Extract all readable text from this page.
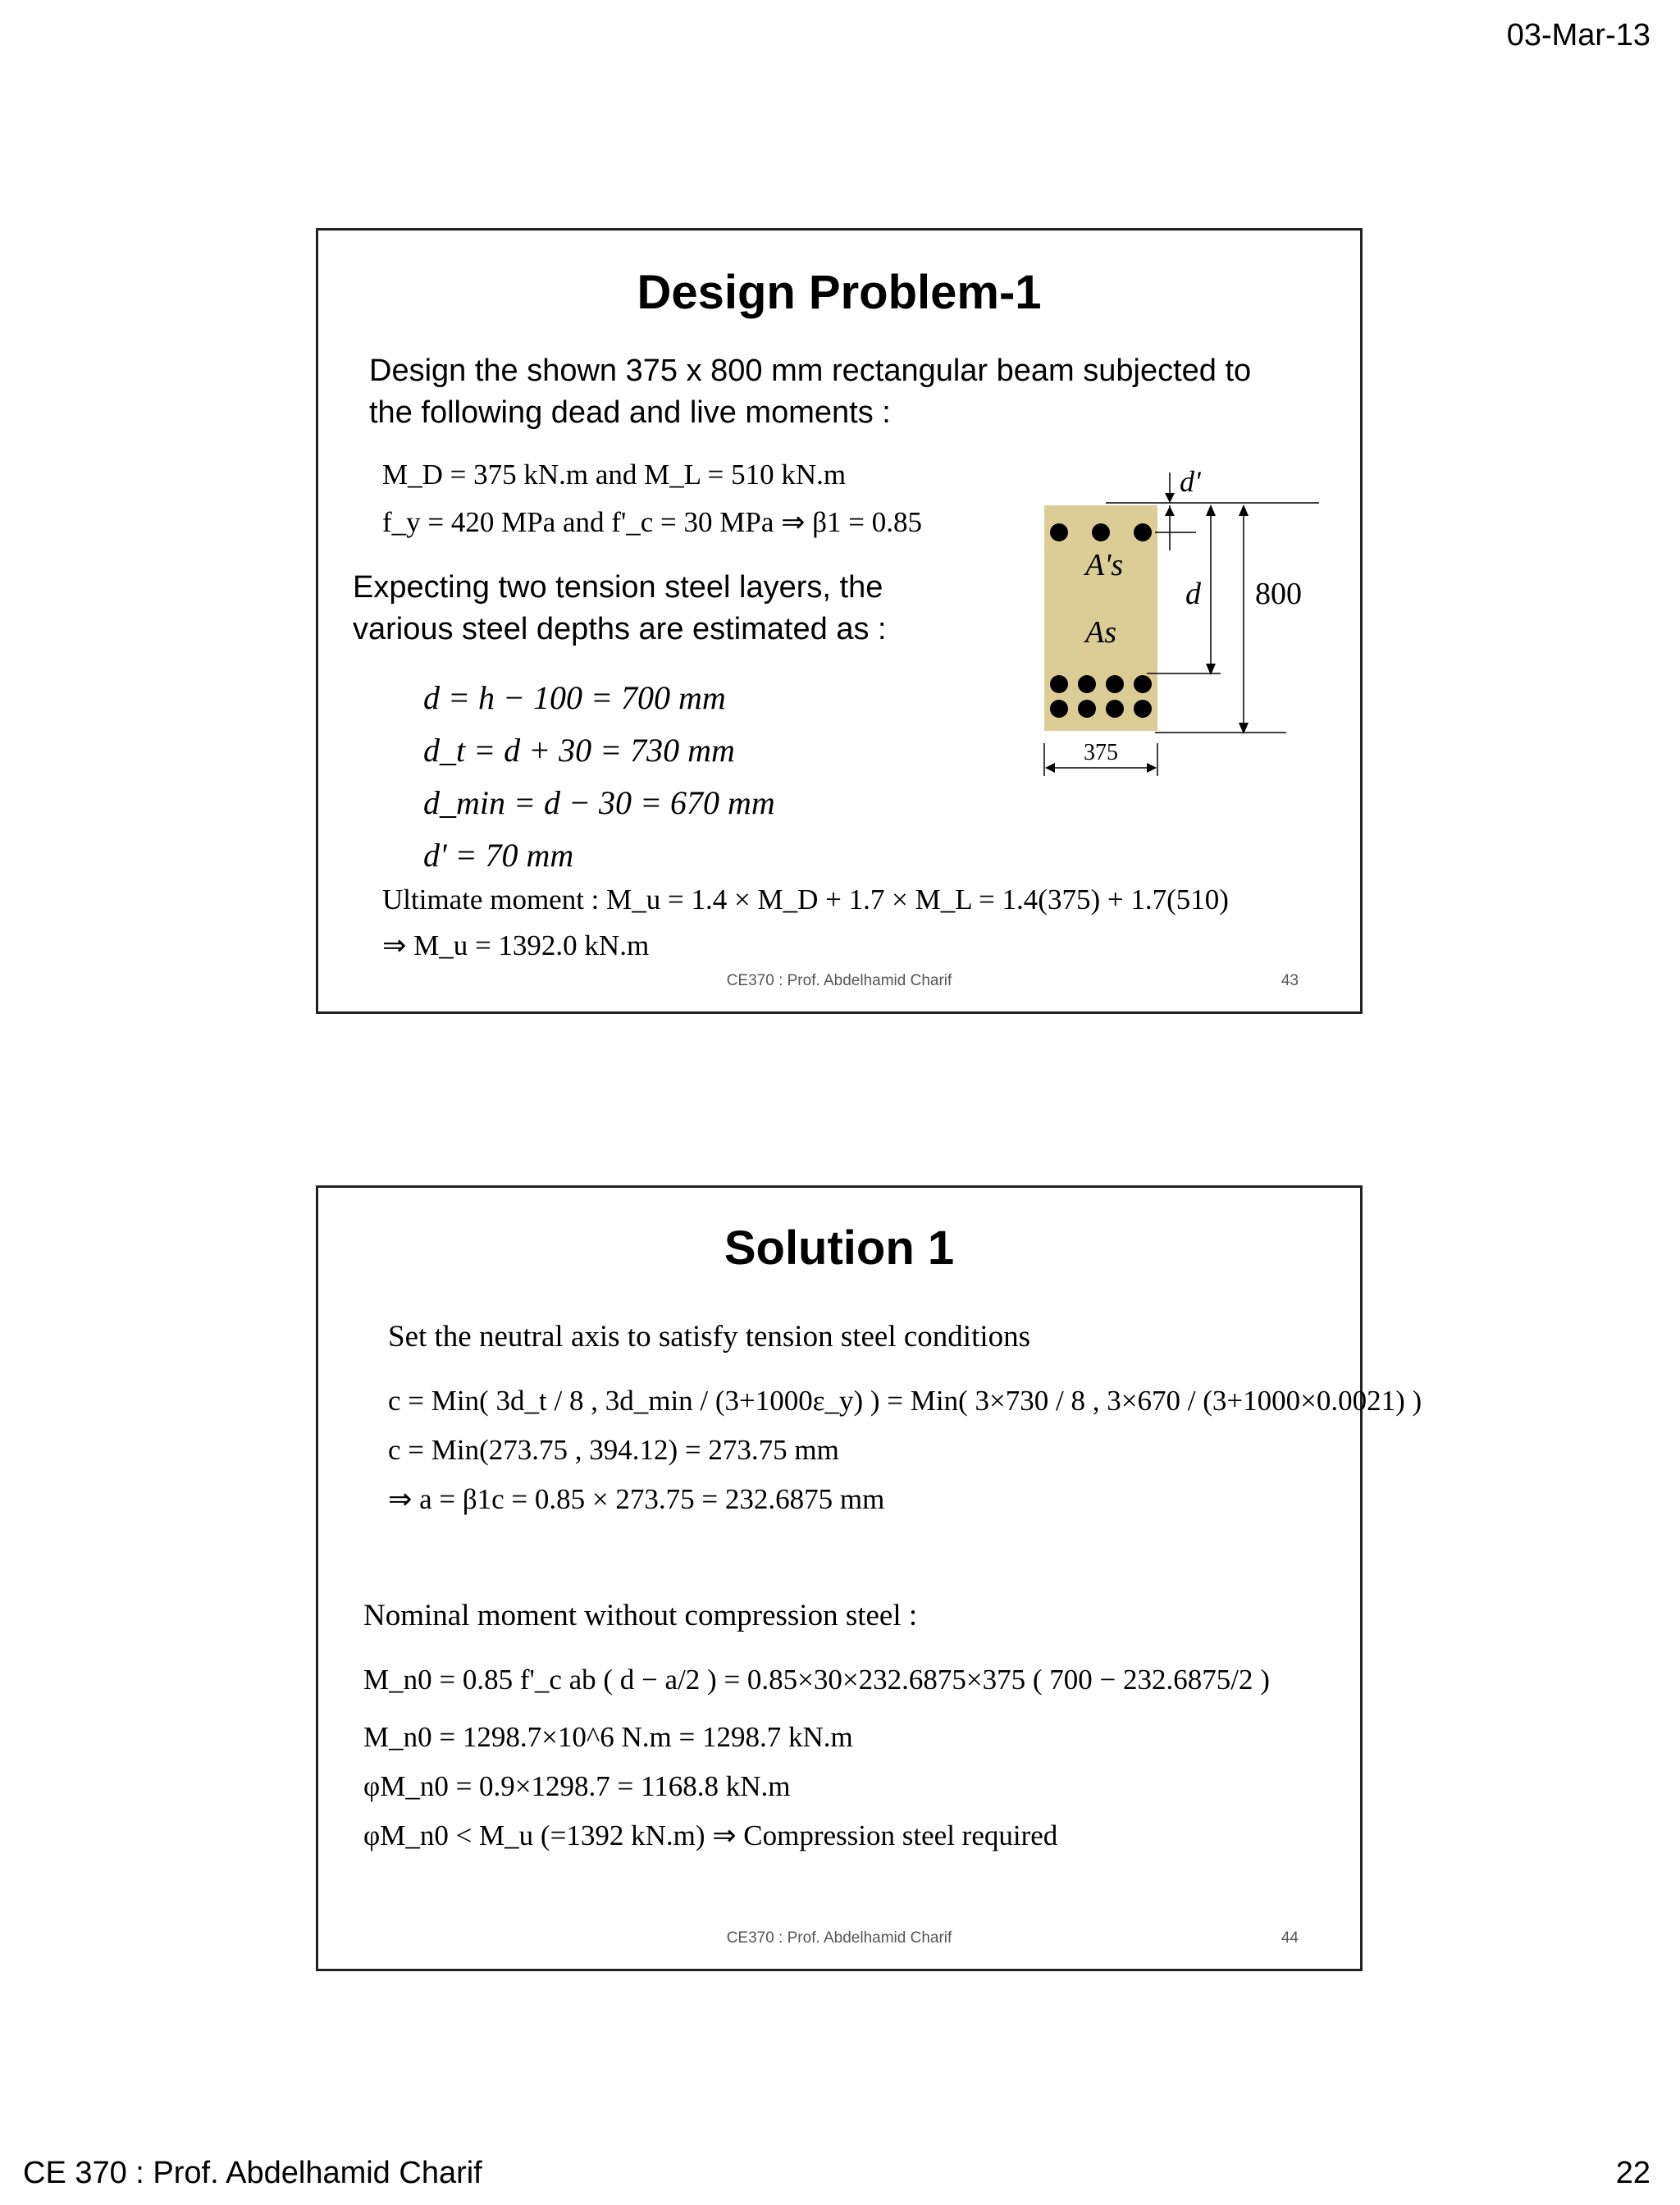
03-Mar-13
CE 370 : Prof. Abdelhamid Charif	22
Design Problem-1
Design the shown 375 x 800 mm rectangular beam subjected to
the following dead and live moments :
M_D = 375 kN.m and M_L = 510 kN.m
f_y = 420 MPa and f'_c = 30 MPa ⇒ β1 = 0.85
Expecting two tension steel layers, the
various steel depths are estimated as :
d = h − 100 = 700 mm
d_t = d + 30 = 730 mm
d_min = d − 30 = 670 mm
d' = 70 mm
Ultimate moment : M_u = 1.4 × M_D + 1.7 × M_L = 1.4(375) + 1.7(510)
⇒ M_u = 1392.0 kN.m
CE370 : Prof. Abdelhamid Charif	43
d'
d 800
A's
As
375
Solution 1
Set the neutral axis to satisfy tension steel conditions
c = Min( 3d_t / 8 , 3d_min / (3+1000ε_y) ) = Min( 3×730 / 8 , 3×670 / (3+1000×0.0021) )
c = Min(273.75 , 394.12) = 273.75 mm
⇒ a = β1c = 0.85 × 273.75 = 232.6875 mm
Nominal moment without compression steel :
M_n0 = 0.85 f'_c ab ( d − a/2 ) = 0.85×30×232.6875×375 ( 700 − 232.6875/2 )
M_n0 = 1298.7×10^6 N.m = 1298.7 kN.m
φM_n0 = 0.9×1298.7 = 1168.8 kN.m
φM_n0 < M_u (=1392 kN.m) ⇒ Compression steel required
CE370 : Prof. Abdelhamid Charif	44
